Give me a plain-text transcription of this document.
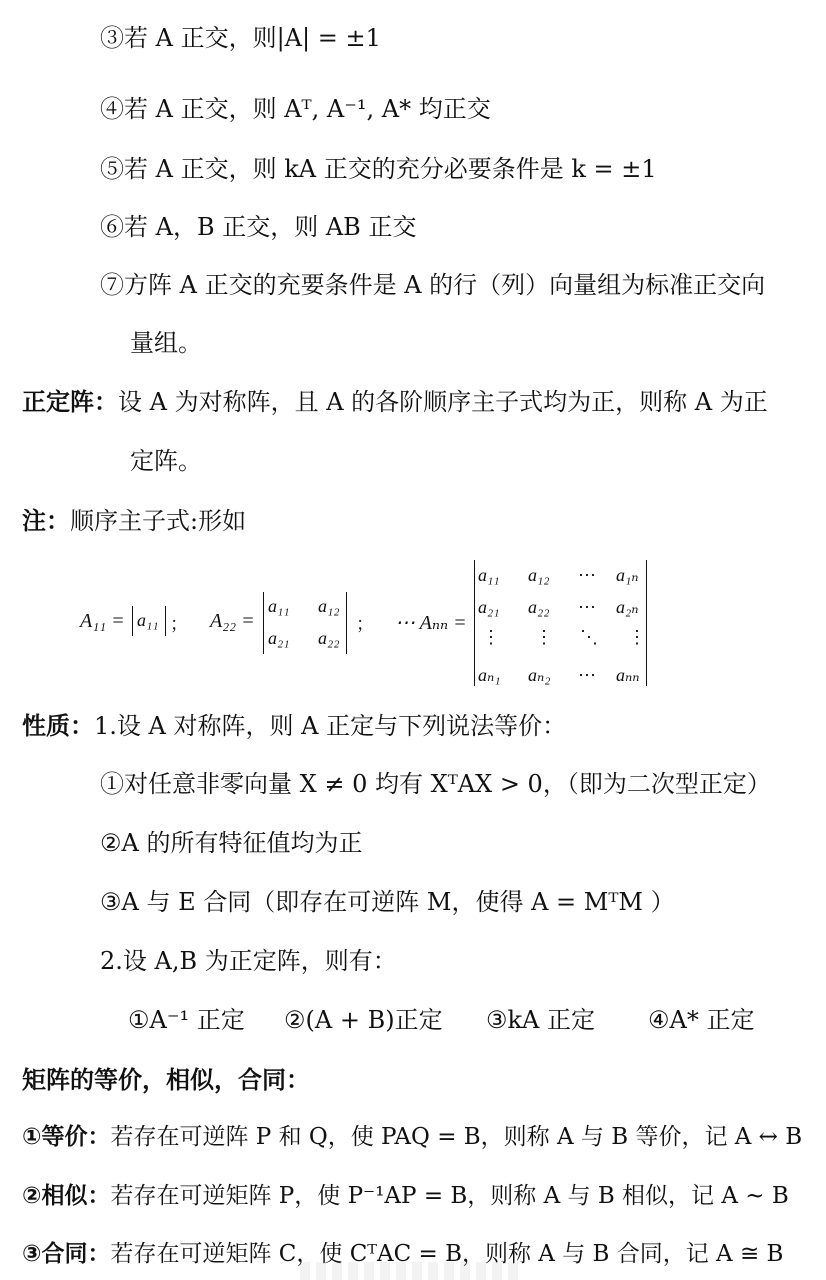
③若 A 正交，则|A| = ±1
④若 A 正交，则 Aᵀ, A⁻¹, A* 均正交
⑤若 A 正交，则 kA 正交的充分必要条件是 k = ±1
⑥若 A，B 正交，则 AB 正交
⑦方阵 A 正交的充要条件是 A 的行（列）向量组为标准正交向
量组。
正定阵：设 A 为对称阵，且 A 的各阶顺序主子式均为正，则称 A 为正
定阵。
注：顺序主子式:形如
A₁₁ = a₁₁ ； A₂₂ =
a₁₁ a₁₂
a₂₁ a₂₂
； ⋯ Aₙₙ =
a₁₁ a₁₂ ⋯ a₁ₙ
a₂₁ a₂₂ ⋯ a₂ₙ
⋮ ⋮ ⋱ ⋮
aₙ₁ aₙ₂ ⋯ aₙₙ
性质：1.设 A 对称阵，则 A 正定与下列说法等价：
①对任意非零向量 X ≠ 0 均有 XᵀAX > 0，（即为二次型正定）
②A 的所有特征值均为正
③A 与 E 合同（即存在可逆阵 M，使得 A = MᵀM ）
2.设 A,B 为正定阵，则有：
①A⁻¹ 正定 ②(A + B)正定 ③kA 正定 ④A* 正定
矩阵的等价，相似，合同：
①等价：若存在可逆阵 P 和 Q，使 PAQ = B，则称 A 与 B 等价，记 A ↔ B
②相似：若存在可逆矩阵 P，使 P⁻¹AP = B，则称 A 与 B 相似，记 A ~ B
③合同：若存在可逆矩阵 C，使 CᵀAC = B，则称 A 与 B 合同，记 A ≅ B
